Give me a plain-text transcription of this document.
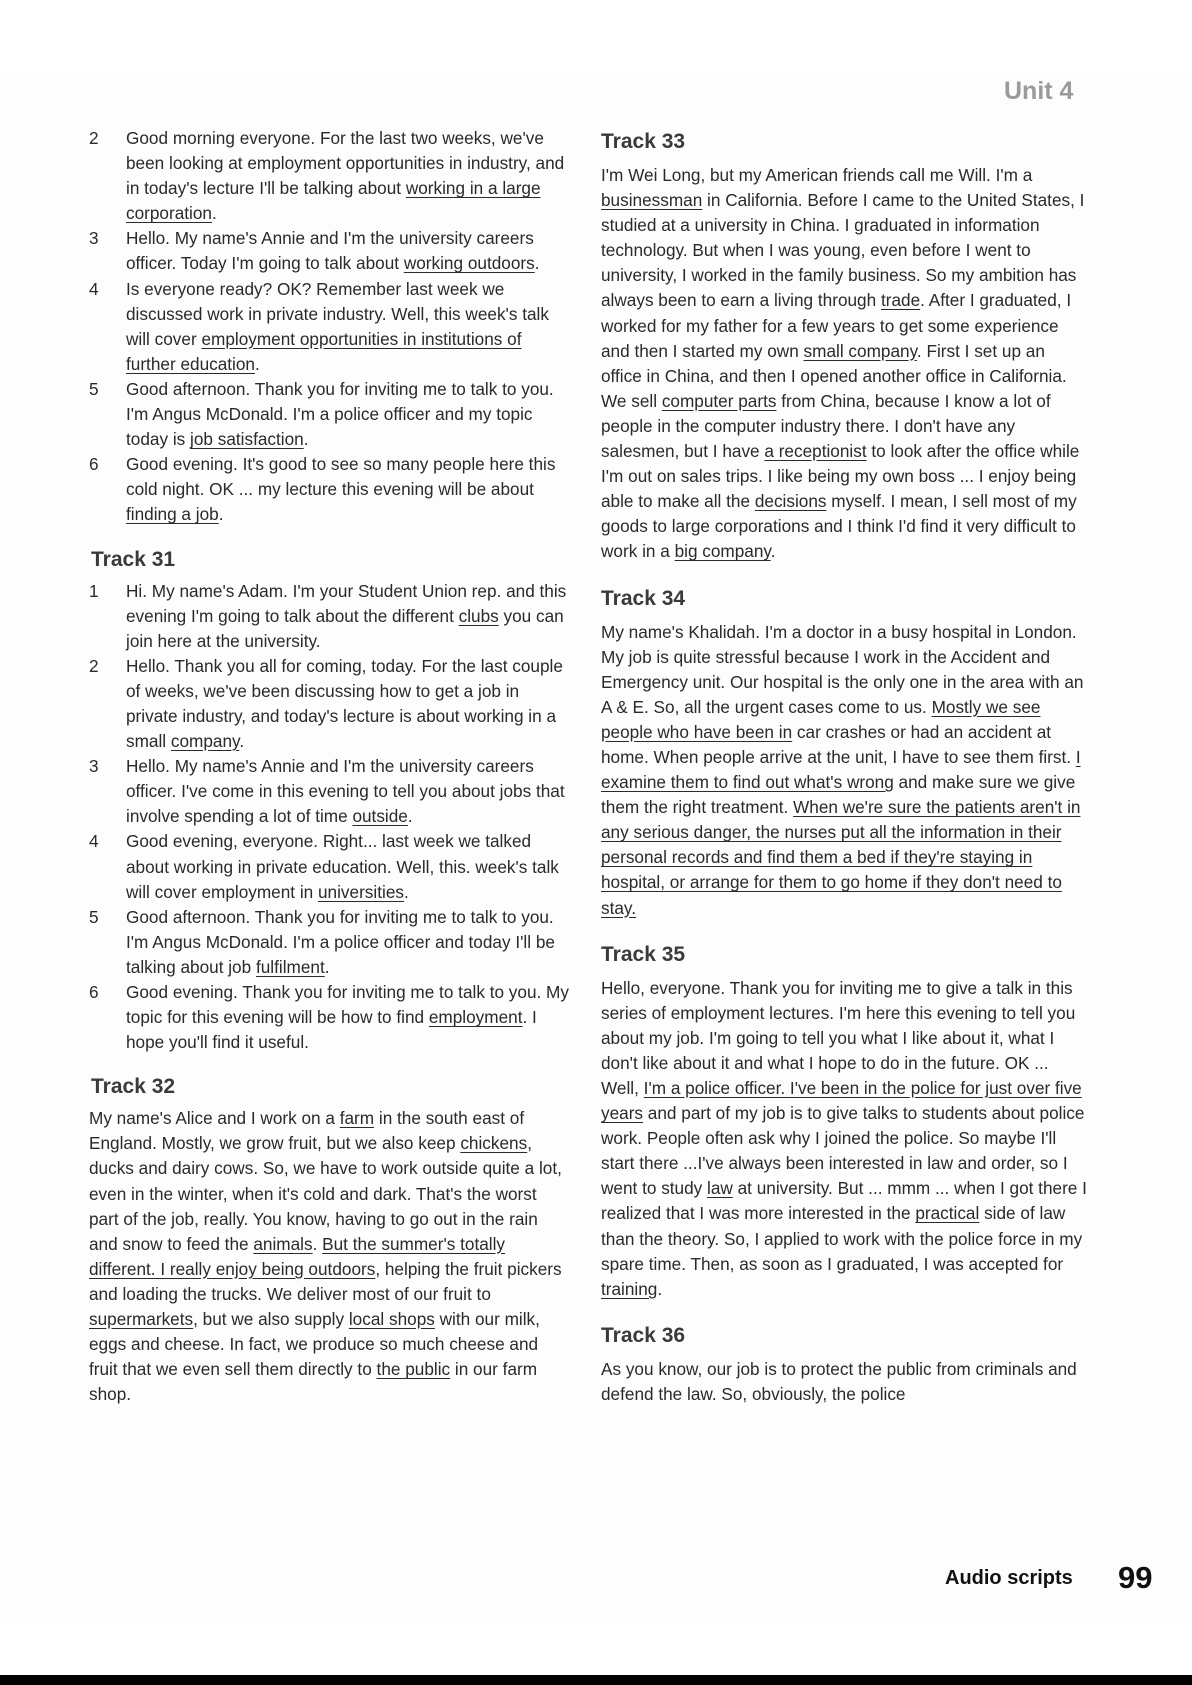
Unit 4
2	Good morning everyone. For the last two weeks, we've been looking at employment opportunities in industry, and in today's lecture I'll be talking about working in a large corporation.
3	Hello. My name's Annie and I'm the university careers officer. Today I'm going to talk about working outdoors.
4	Is everyone ready? OK? Remember last week we discussed work in private industry. Well, this week's talk will cover employment opportunities in institutions of further education.
5	Good afternoon. Thank you for inviting me to talk to you. I'm Angus McDonald. I'm a police officer and my topic today is job satisfaction.
6	Good evening. It's good to see so many people here this cold night. OK ... my lecture this evening will be about finding a job.
Track 31
1	Hi. My name's Adam. I'm your Student Union rep. and this evening I'm going to talk about the different clubs you can join here at the university.
2	Hello. Thank you all for coming, today. For the last couple of weeks, we've been discussing how to get a job in private industry, and today's lecture is about working in a small company.
3	Hello. My name's Annie and I'm the university careers officer. I've come in this evening to tell you about jobs that involve spending a lot of time outside.
4	Good evening, everyone. Right... last week we talked about working in private education. Well, this. week's talk will cover employment in universities.
5	Good afternoon. Thank you for inviting me to talk to you. I'm Angus McDonald. I'm a police officer and today I'll be talking about job fulfilment.
6	Good evening. Thank you for inviting me to talk to you. My topic for this evening will be how to find employment. I hope you'll find it useful.
Track 32

My name's Alice and I work on a farm in the south east of England. Mostly, we grow fruit, but we also keep chickens, ducks and dairy cows. So, we have to work outside quite a lot, even in the winter, when it's cold and dark. That's the worst part of the job, really. You know, having to go out in the rain and snow to feed the animals. But the summer's totally different. I really enjoy being outdoors, helping the fruit pickers and loading the trucks. We deliver most of our fruit to supermarkets, but we also supply local shops with our milk, eggs and cheese. In fact, we produce so much cheese and fruit that we even sell them directly to the public in our farm shop.

Track 33

I'm Wei Long, but my American friends call me Will. I'm a businessman in California. Before I came to the United States, I studied at a university in China. I graduated in information technology. But when I was young, even before I went to university, I worked in the family business. So my ambition has always been to earn a living through trade. After I graduated, I worked for my father for a few years to get some experience and then I started my own small company. First I set up an office in China, and then I opened another office in California. We sell computer parts from China, because I know a lot of people in the computer industry there. I don't have any salesmen, but I have a receptionist to look after the office while I'm out on sales trips. I like being my own boss ... I enjoy being able to make all the decisions myself. I mean, I sell most of my goods to large corporations and I think I'd find it very difficult to work in a big company.

Track 34

My name's Khalidah. I'm a doctor in a busy hospital in London. My job is quite stressful because I work in the Accident and Emergency unit. Our hospital is the only one in the area with an A & E. So, all the urgent cases come to us. Mostly we see people who have been in car crashes or had an accident at home. When people arrive at the unit, I have to see them first. I examine them to find out what's wrong and make sure we give them the right treatment. When we're sure the patients aren't in any serious danger, the nurses put all the information in their personal records and find them a bed if they're staying in hospital, or arrange for them to go home if they don't need to stay.

Track 35

Hello, everyone. Thank you for inviting me to give a talk in this series of employment lectures. I'm here this evening to tell you about my job. I'm going to tell you what I like about it, what I don't like about it and what I hope to do in the future. OK ... Well, I'm a police officer. I've been in the police for just over five years and part of my job is to give talks to students about police work. People often ask why I joined the police. So maybe I'll start there ...I've always been interested in law and order, so I went to study law at university. But ... mmm ... when I got there I realized that I was more interested in the practical side of law than the theory. So, I applied to work with the police force in my spare time. Then, as soon as I graduated, I was accepted for training.

Track 36

As you know, our job is to protect the public from criminals and defend the law. So, obviously, the police

Audio scripts 99
